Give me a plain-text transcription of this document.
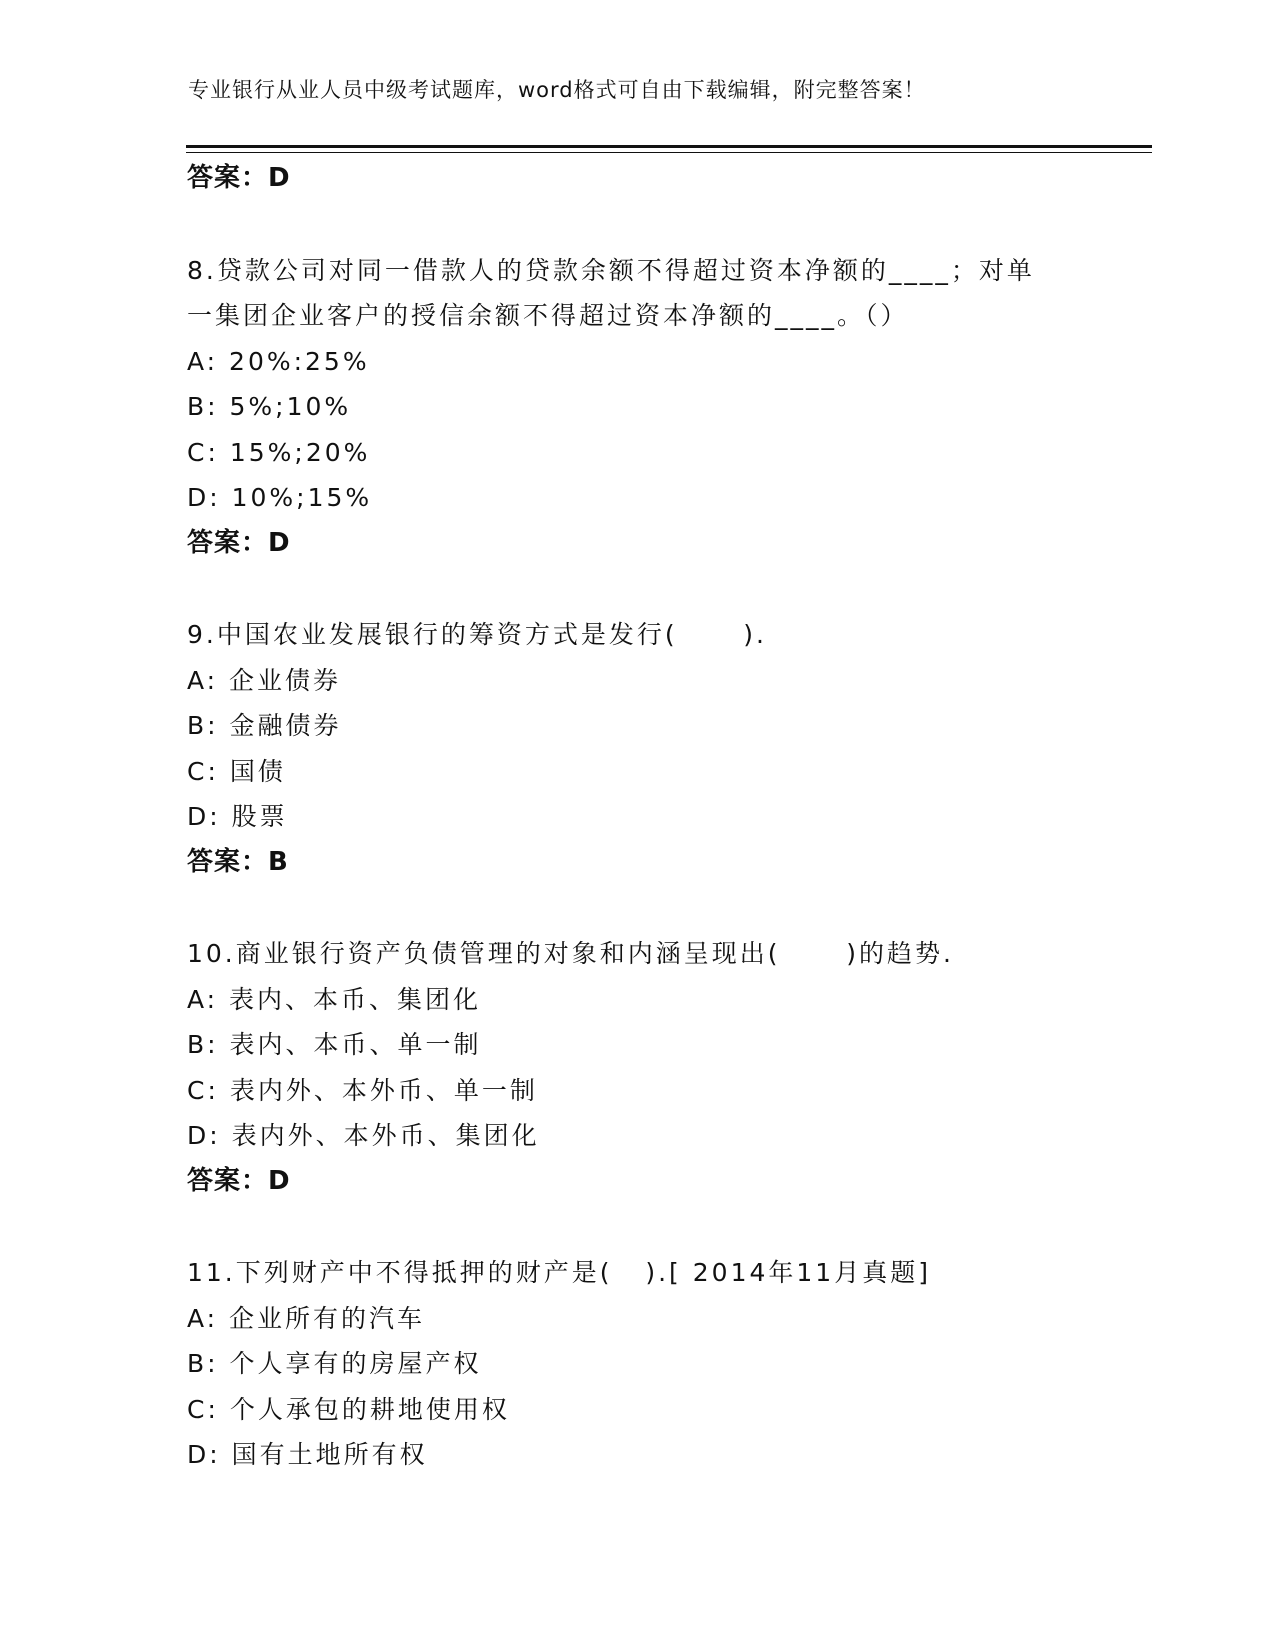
专业银行从业人员中级考试题库，word格式可自由下载编辑，附完整答案！
答案：D
8.贷款公司对同一借款人的贷款余额不得超过资本净额的____；对单
一集团企业客户的授信余额不得超过资本净额的____。（）
A: 20%:25%
B: 5%;10%
C: 15%;20%
D: 10%;15%
答案：D
9.中国农业发展银行的筹资方式是发行(      ).
A: 企业债券
B: 金融债券
C: 国债
D: 股票
答案：B
10.商业银行资产负债管理的对象和内涵呈现出(      )的趋势.
A: 表内、本币、集团化
B: 表内、本币、单一制
C: 表内外、本外币、单一制
D: 表内外、本外币、集团化
答案：D
11.下列财产中不得抵押的财产是(   ).[ 2014年11月真题]
A: 企业所有的汽车
B: 个人享有的房屋产权
C: 个人承包的耕地使用权
D: 国有土地所有权
